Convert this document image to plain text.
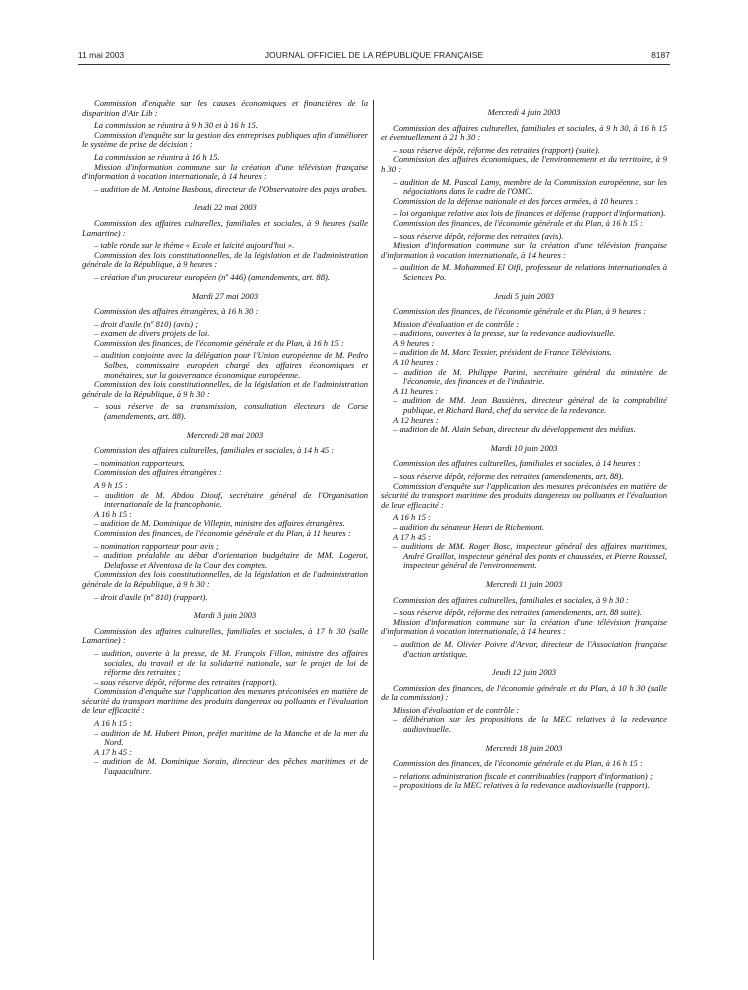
11 mai 2003	JOURNAL OFFICIEL DE LA RÉPUBLIQUE FRANÇAISE	8187
Commission d'enquête sur les causes économiques et financières de la disparition d'Air Lib :
La commission se réunira à 9 h 30 et à 16 h 15.
Commission d'enquête sur la gestion des entreprises publiques afin d'améliorer le système de prise de décision :
La commission se réunira à 16 h 15.
Mission d'information commune sur la création d'une télévision française d'information à vocation internationale, à 14 heures :
– audition de M. Antoine Basbous, directeur de l'Observatoire des pays arabes.
Jeudi 22 mai 2003
Commission des affaires culturelles, familiales et sociales, à 9 heures (salle Lamartine) :
– table ronde sur le thème « Ecole et laïcité aujourd'hui ».
Commission des lois constitutionnelles, de la législation et de l'administration générale de la République, à 9 heures :
– création d'un procureur européen (nº 446) (amendements, art. 88).
Mardi 27 mai 2003
Commission des affaires étrangères, à 16 h 30 :
– droit d'asile (nº 810) (avis) ;
– examen de divers projets de loi.
Commission des finances, de l'économie générale et du Plan, à 16 h 15 :
– audition conjointe avec la délégation pour l'Union européenne de M. Pedro Solbes, commissaire européen chargé des affaires économiques et monétaires, sur la gouvernance économique européenne.
Commission des lois constitutionnelles, de la législation et de l'administration générale de la République, à 9 h 30 :
– sous réserve de sa transmission, consultation électeurs de Corse (amendements, art. 88).
Mercredi 28 mai 2003
Commission des affaires culturelles, familiales et sociales, à 14 h 45 :
– nomination rapporteurs.
Commission des affaires étrangères :
A 9 h 15 :
– audition de M. Abdou Diouf, secrétaire général de l'Organisation internationale de la francophonie.
A 16 h 15 :
– audition de M. Dominique de Villepin, ministre des affaires étrangères.
Commission des finances, de l'économie générale et du Plan, à 11 heures :
– nomination rapporteur pour avis ;
– audition préalable au débat d'orientation budgétaire de MM. Logerot, Delafosse et Alventosa de la Cour des comptes.
Commission des lois constitutionnelles, de la législation et de l'administration générale de la République, à 9 h 30 :
– droit d'asile (nº 810) (rapport).
Mardi 3 juin 2003
Commission des affaires culturelles, familiales et sociales, à 17 h 30 (salle Lamartine) :
– audition, ouverte à la presse, de M. François Fillon, ministre des affaires sociales, du travail et de la solidarité nationale, sur le projet de loi de réforme des retraites ;
– sous réserve dépôt, réforme des retraites (rapport).
Commission d'enquête sur l'application des mesures préconisées en matière de sécurité du transport maritime des produits dangereux ou polluants et l'évaluation de leur efficacité :
A 16 h 15 :
– audition de M. Hubert Pinon, préfet maritime de la Manche et de la mer du Nord.
A 17 h 45 :
– audition de M. Dominique Sorain, directeur des pêches maritimes et de l'aquaculture.
Mercredi 4 juin 2003
Commission des affaires culturelles, familiales et sociales, à 9 h 30, à 16 h 15 et éventuellement à 21 h 30 :
– sous réserve dépôt, réforme des retraites (rapport) (suite).
Commission des affaires économiques, de l'environnement et du territoire, à 9 h 30 :
– audition de M. Pascal Lamy, membre de la Commission européenne, sur les négociations dans le cadre de l'OMC.
Commission de la défense nationale et des forces armées, à 10 heures :
– loi organique relative aux lois de finances et défense (rapport d'information).
Commission des finances, de l'économie générale et du Plan, à 16 h 15 :
– sous réserve dépôt, réforme des retraites (avis).
Mission d'information commune sur la création d'une télévision française d'information à vocation internationale, à 14 heures :
– audition de M. Mohammed El Oifi, professeur de relations internationales à Sciences Po.
Jeudi 5 juin 2003
Commission des finances, de l'économie générale et du Plan, à 9 heures :
Mission d'évaluation et de contrôle :
– auditions, ouvertes à la presse, sur la redevance audiovisuelle.
A 9 heures :
– audition de M. Marc Tessier, président de France Télévisions.
A 10 heures :
– audition de M. Philippe Parini, secrétaire général du ministère de l'économie, des finances et de l'industrie.
A 11 heures :
– audition de MM. Jean Bassières, directeur général de la comptabilité publique, et Richard Bard, chef du service de la redevance.
A 12 heures :
– audition de M. Alain Seban, directeur du développement des médias.
Mardi 10 juin 2003
Commission des affaires culturelles, familiales et sociales, à 14 heures :
– sous réserve dépôt, réforme des retraites (amendements, art. 88).
Commission d'enquête sur l'application des mesures préconisées en matière de sécurité du transport maritime des produits dangereux ou polluants et l'évaluation de leur efficacité :
A 16 h 15 :
– audition du sénateur Henri de Richemont.
A 17 h 45 :
– auditions de MM. Roger Bosc, inspecteur général des affaires maritimes, André Graillot, inspecteur général des ponts et chaussées, et Pierre Roussel, inspecteur général de l'environnement.
Mercredi 11 juin 2003
Commission des affaires culturelles, familiales et sociales, à 9 h 30 :
– sous réserve dépôt, réforme des retraites (amendements, art. 88 suite).
Mission d'information commune sur la création d'une télévision française d'information à vocation internationale, à 14 heures :
– audition de M. Olivier Poivre d'Arvor, directeur de l'Association française d'action artistique.
Jeudi 12 juin 2003
Commission des finances, de l'économie générale et du Plan, à 10 h 30 (salle de la commission) :
Mission d'évaluation et de contrôle :
– délibération sur les propositions de la MEC relatives à la redevance audiovisuelle.
Mercredi 18 juin 2003
Commission des finances, de l'économie générale et du Plan, à 16 h 15 :
– relations administration fiscale et contribuables (rapport d'information) ;
– propositions de la MEC relatives à la redevance audiovisuelle (rapport).
